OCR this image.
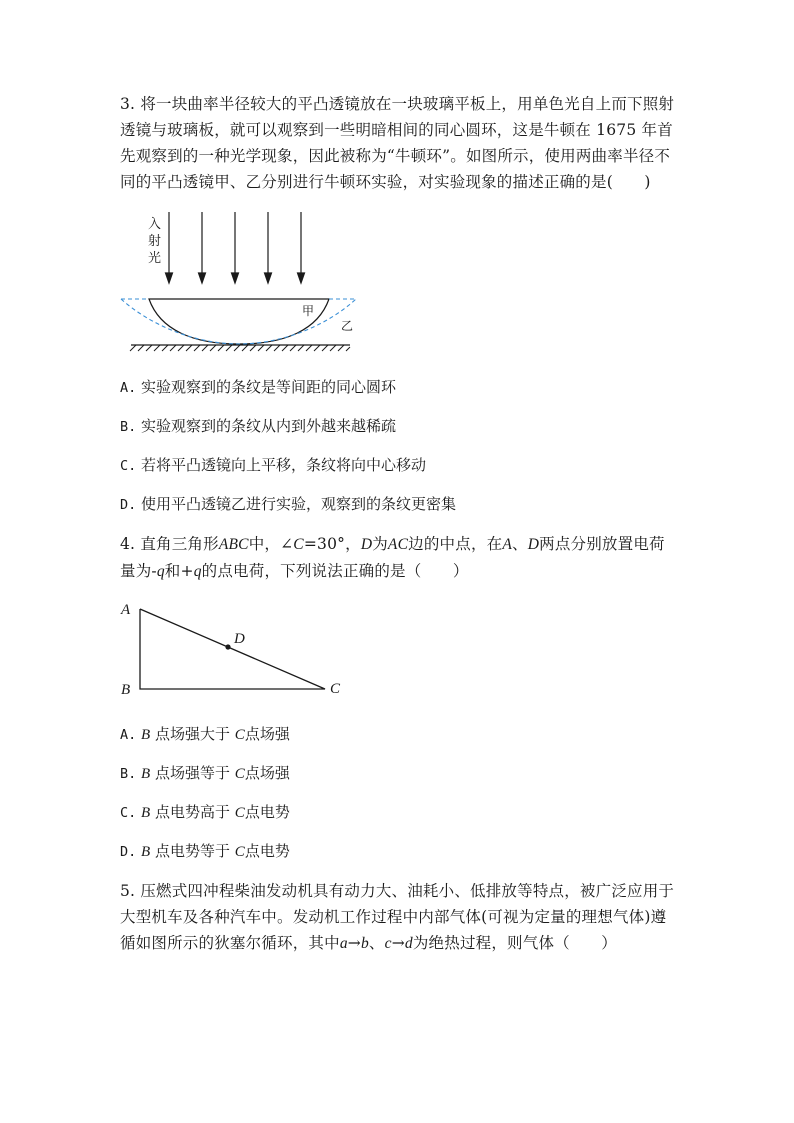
3. 将一块曲率半径较大的平凸透镜放在一块玻璃平板上，用单色光自上而下照射透镜与玻璃板，就可以观察到一些明暗相间的同心圆环，这是牛顿在 1675 年首先观察到的一种光学现象，因此被称为“牛顿环”。如图所示，使用两曲率半径不同的平凸透镜甲、乙分别进行牛顿环实验，对实验现象的描述正确的是(　　)

入
射
光
甲
乙
A
B	C
D

A. 实验观察到的条纹是等间距的同心圆环

B. 实验观察到的条纹从内到外越来越稀疏

C. 若将平凸透镜向上平移，条纹将向中心移动

D. 使用平凸透镜乙进行实验，观察到的条纹更密集

4. 直角三角形ABC中，∠C=30°，D为AC边的中点，在A、D两点分别放置电荷量为-q和+q的点电荷，下列说法正确的是（　　）

A. B 点场强大于 C点场强

B. B 点场强等于 C点场强

C. B 点电势高于 C点电势

D. B 点电势等于 C点电势

5. 压燃式四冲程柴油发动机具有动力大、油耗小、低排放等特点，被广泛应用于大型机车及各种汽车中。发动机工作过程中内部气体(可视为定量的理想气体)遵循如图所示的狄塞尔循环，其中a→b、c→d为绝热过程，则气体（　　）
